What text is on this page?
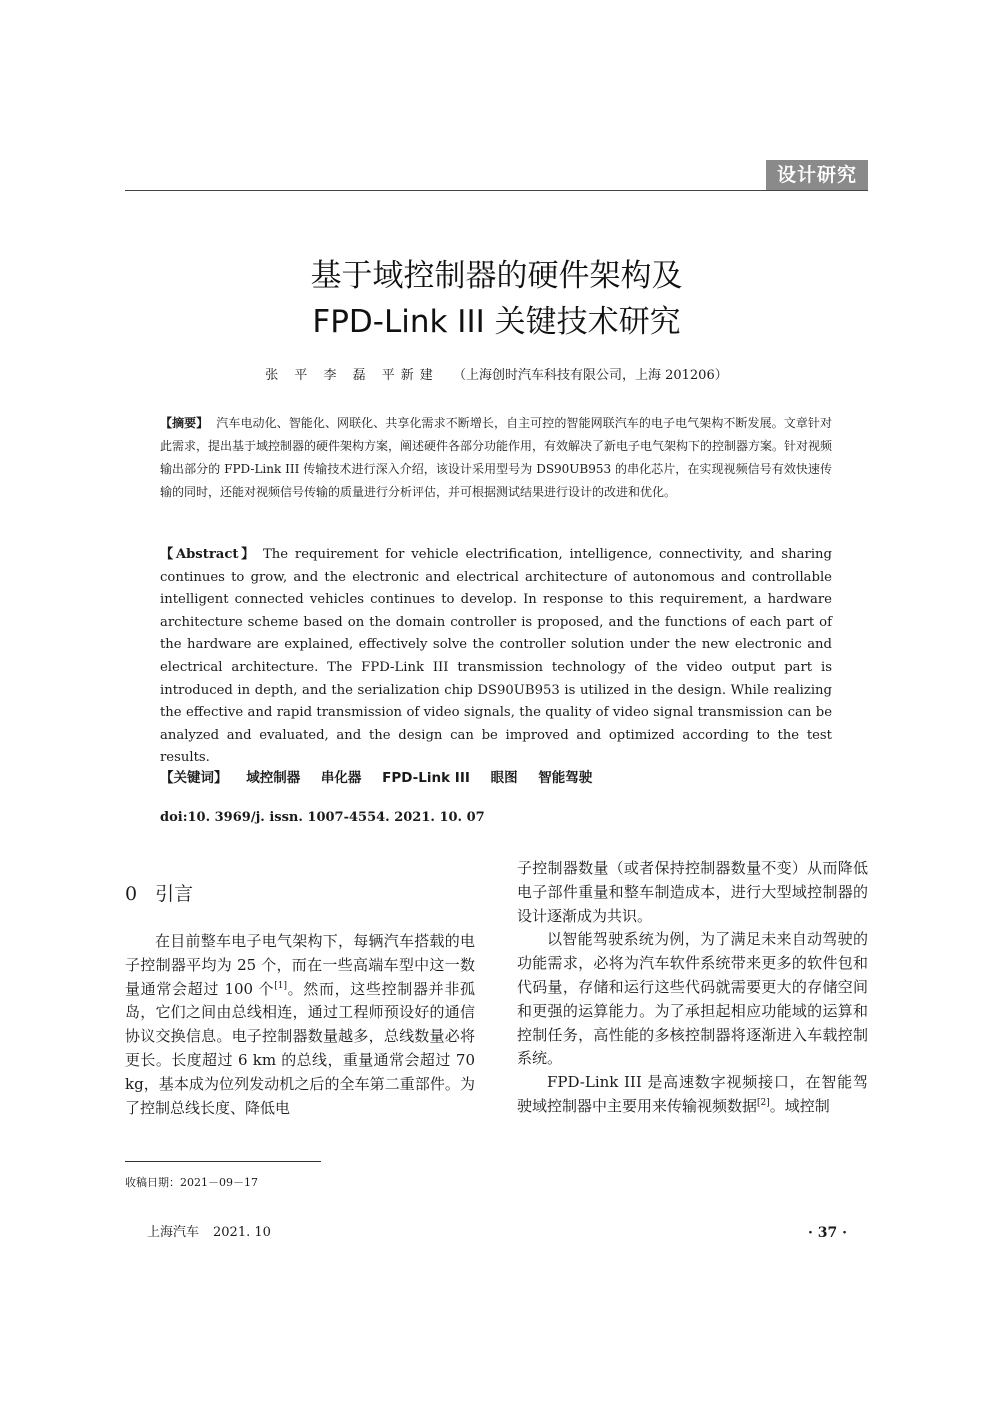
设计研究
基于域控制器的硬件架构及
FPD-Link III 关键技术研究
张 平 李 磊 平新建 （上海创时汽车科技有限公司，上海 201206）
【摘要】 汽车电动化、智能化、网联化、共享化需求不断增长，自主可控的智能网联汽车的电子电气架构不断发展。文章针对此需求，提出基于域控制器的硬件架构方案，阐述硬件各部分功能作用，有效解决了新电子电气架构下的控制器方案。针对视频输出部分的 FPD-Link III 传输技术进行深入介绍，该设计采用型号为 DS90UB953 的串化芯片，在实现视频信号有效快速传输的同时，还能对视频信号传输的质量进行分析评估，并可根据测试结果进行设计的改进和优化。
【Abstract】 The requirement for vehicle electrification, intelligence, connectivity, and sharing continues to grow, and the electronic and electrical architecture of autonomous and controllable intelligent connected vehicles continues to develop. In response to this requirement, a hardware architecture scheme based on the domain controller is proposed, and the functions of each part of the hardware are explained, effectively solve the controller solution under the new electronic and electrical architecture. The FPD-Link III transmission technology of the video output part is introduced in depth, and the serialization chip DS90UB953 is utilized in the design. While realizing the effective and rapid transmission of video signals, the quality of video signal transmission can be analyzed and evaluated, and the design can be improved and optimized according to the test results.
【关键词】 域控制器 串化器 FPD-Link III 眼图 智能驾驶
doi:10. 3969/j. issn. 1007-4554. 2021. 10. 07
0 引言

在目前整车电子电气架构下，每辆汽车搭载的电子控制器平均为 25 个，而在一些高端车型中这一数量通常会超过 100 个[1]。然而，这些控制器并非孤岛，它们之间由总线相连，通过工程师预设好的通信协议交换信息。电子控制器数量越多，总线数量必将更长。长度超过 6 km 的总线，重量通常会超过 70 kg，基本成为位列发动机之后的全车第二重部件。为了控制总线长度、降低电

子控制器数量（或者保持控制器数量不变）从而降低电子部件重量和整车制造成本，进行大型域控制器的设计逐渐成为共识。

以智能驾驶系统为例，为了满足未来自动驾驶的功能需求，必将为汽车软件系统带来更多的软件包和代码量，存储和运行这些代码就需要更大的存储空间和更强的运算能力。为了承担起相应功能域的运算和控制任务，高性能的多核控制器将逐渐进入车载控制系统。

FPD-Link III 是高速数字视频接口，在智能驾驶域控制器中主要用来传输视频数据[2]。域控制

收稿日期：2021－09－17
上海汽车 2021. 10	· 37 ·
